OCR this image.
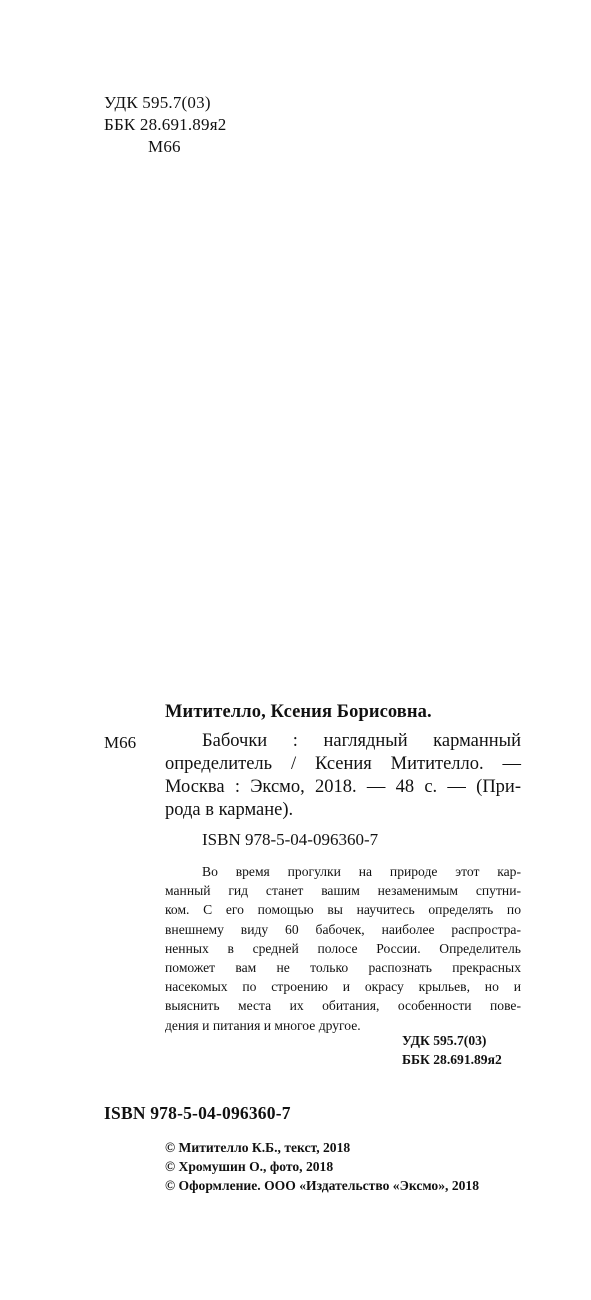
УДК 595.7(03)
ББК 28.691.89я2
М66
Митителло, Ксения Борисовна.
М66	Бабочки : наглядный карманный
определитель / Ксения Митителло. —
Москва : Эксмо, 2018. — 48 с. — (При-
рода в кармане).
ISBN 978-5-04-096360-7
Во время прогулки на природе этот кар-
манный гид станет вашим незаменимым спутни-
ком. С его помощью вы научитесь определять по
внешнему виду 60 бабочек, наиболее распростра-
ненных в средней полосе России. Определитель
поможет вам не только распознать прекрасных
насекомых по строению и окрасу крыльев, но и
выяснить места их обитания, особенности пове-
дения и питания и многое другое.
УДК 595.7(03)
ББК 28.691.89я2
ISBN 978-5-04-096360-7
© Митителло К.Б., текст, 2018
© Хромушин О., фото, 2018
© Оформление. ООО «Издательство «Эксмо», 2018
